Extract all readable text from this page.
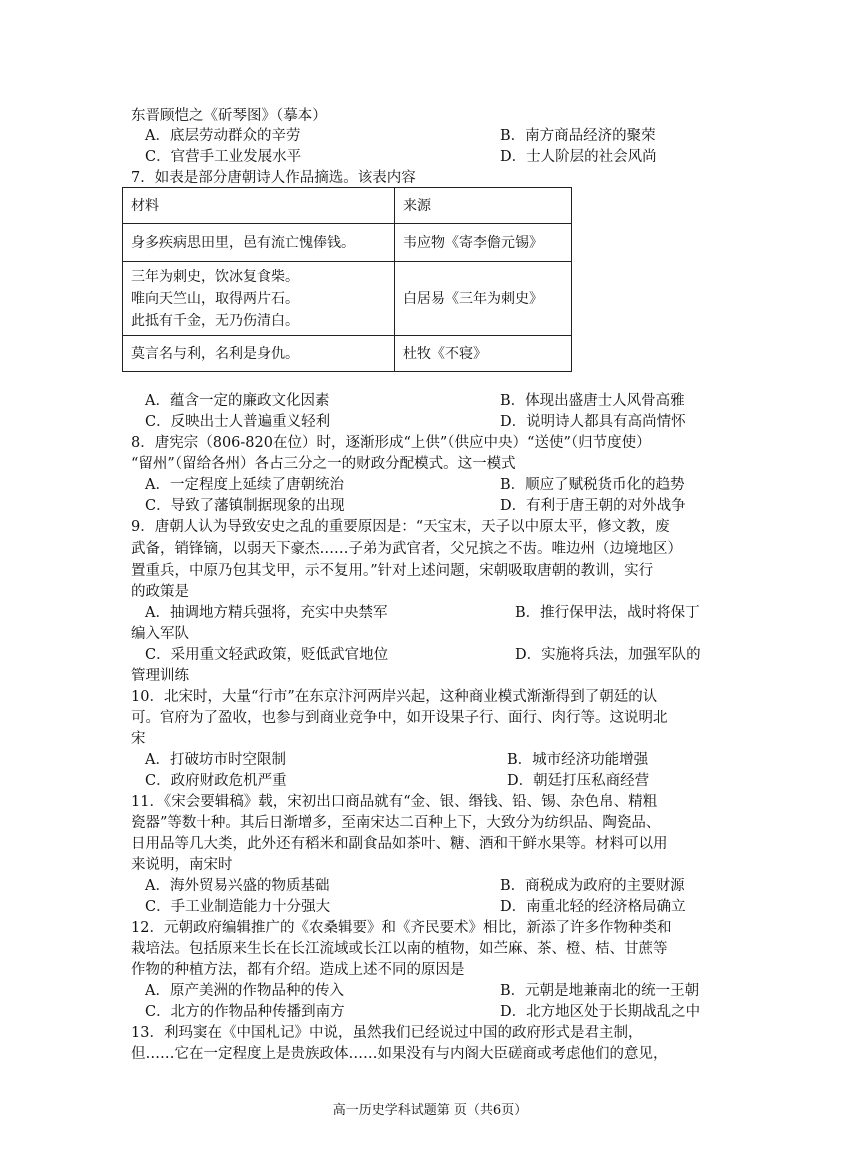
东晋顾恺之《斫琴图》（摹本）
A．底层劳动群众的辛劳	B．南方商品经济的聚荣
C．官营手工业发展水平	D．士人阶层的社会风尚
7．如表是部分唐朝诗人作品摘选。该表内容
材料	来源
身多疾病思田里，邑有流亡愧俸钱。	韦应物《寄李儋元锡》

三年为刺史，饮冰复食柴。
唯向天竺山，取得两片石。
此抵有千金，无乃伤清白。	白居易《三年为刺史》
莫言名与利，名利是身仇。	杜牧《不寝》
A．蕴含一定的廉政文化因素	B．体现出盛唐士人风骨高雅
C．反映出士人普遍重义轻利	D．说明诗人都具有高尚情怀
8．唐宪宗（806-820在位）时，逐渐形成“上供”（供应中央）“送使”（归节度使）
“留州”（留给各州）各占三分之一的财政分配模式。这一模式
A．一定程度上延续了唐朝统治	B．顺应了赋税货币化的趋势
C．导致了藩镇制据现象的出现	D．有利于唐王朝的对外战争
9．唐朝人认为导致安史之乱的重要原因是：“天宝末，天子以中原太平，修文教，废
武备，销锋镝，以弱天下豪杰……子弟为武官者，父兄摈之不齿。唯边州（边境地区）
置重兵，中原乃包其戈甲，示不复用。”针对上述问题，宋朝吸取唐朝的教训，实行
的政策是
A．抽调地方精兵强将，充实中央禁军	B．推行保甲法，战时将保丁
编入军队
C．采用重文轻武政策，贬低武官地位	D．实施将兵法，加强军队的
管理训练
10．北宋时，大量“行市”在东京汴河两岸兴起，这种商业模式渐渐得到了朝廷的认
可。官府为了盈收，也参与到商业竞争中，如开设果子行、面行、肉行等。这说明北
宋
A．打破坊市时空限制	B．城市经济功能增强
C．政府财政危机严重	D．朝廷打压私商经营
11．《宋会要辑稿》载，宋初出口商品就有“金、银、缗钱、铅、锡、杂色帛、精粗
瓷器”等数十种。其后日渐增多，至南宋达二百种上下，大致分为纺织品、陶瓷品、
日用品等几大类，此外还有稻米和副食品如茶叶、糖、酒和干鲜水果等。材料可以用
来说明，南宋时
A．海外贸易兴盛的物质基础	B．商税成为政府的主要财源
C．手工业制造能力十分强大	D．南重北轻的经济格局确立
12．元朝政府编辑推广的《农桑辑要》和《齐民要术》相比，新添了许多作物种类和
栽培法。包括原来生长在长江流域或长江以南的植物，如苎麻、茶、橙、桔、甘蔗等
作物的种植方法，都有介绍。造成上述不同的原因是
A．原产美洲的作物品种的传入	B．元朝是地兼南北的统一王朝
C．北方的作物品种传播到南方	D．北方地区处于长期战乱之中
13．利玛窦在《中国札记》中说，虽然我们已经说过中国的政府形式是君主制，
但……它在一定程度上是贵族政体……如果没有与内阁大臣磋商或考虑他们的意见，
高一历史学科试题第 页（共6页）
